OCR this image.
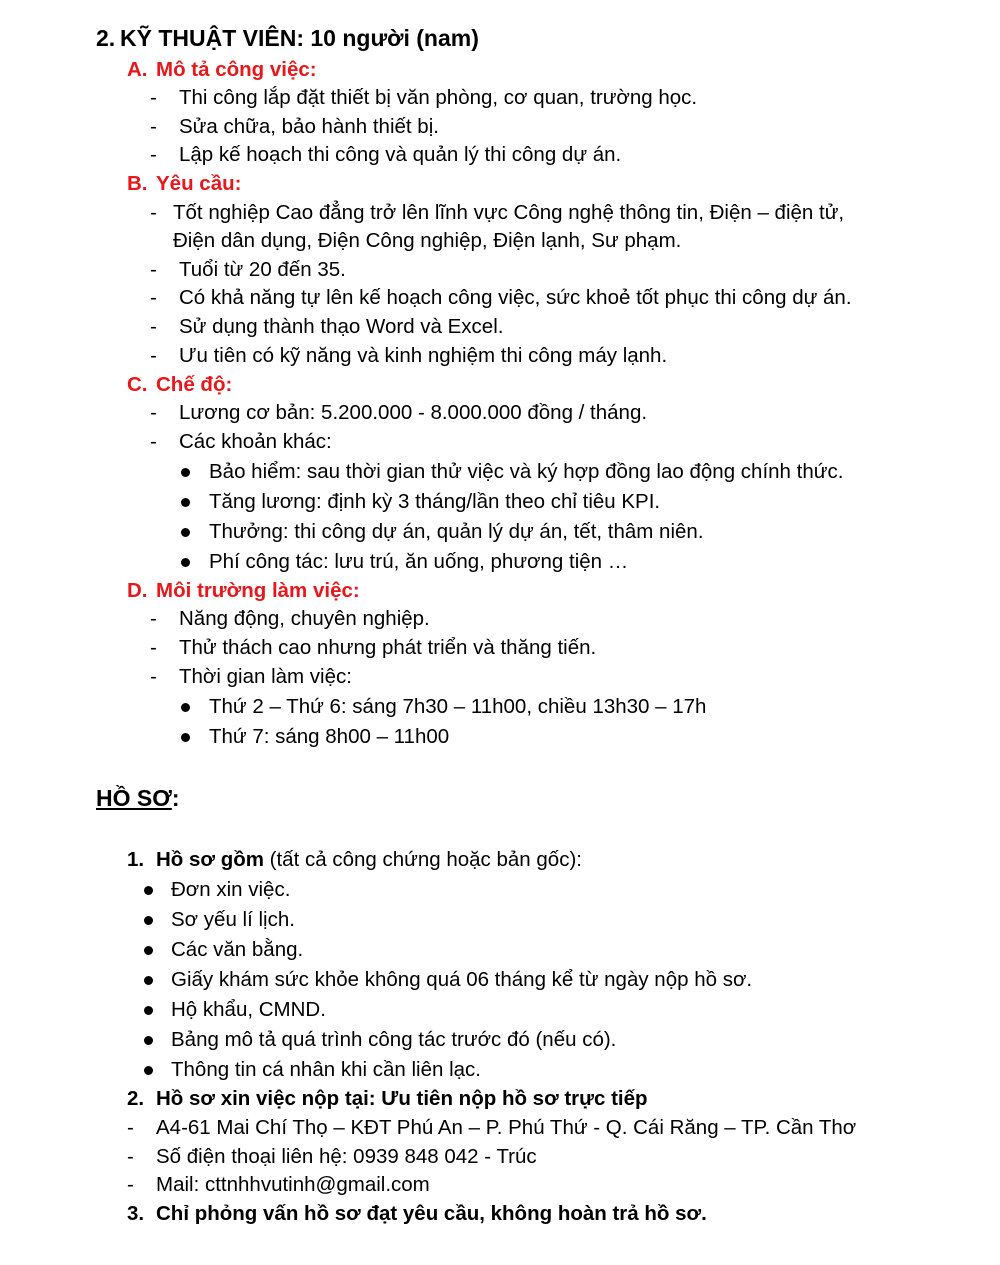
2. KỸ THUẬT VIÊN: 10 người (nam)
A. Mô tả công việc:
- Thi công lắp đặt thiết bị văn phòng, cơ quan, trường học.
- Sửa chữa, bảo hành thiết bị.
- Lập kế hoạch thi công và quản lý thi công dự án.
B. Yêu cầu:
- Tốt nghiệp Cao đẳng trở lên lĩnh vực Công nghệ thông tin, Điện – điện tử,
Điện dân dụng, Điện Công nghiệp, Điện lạnh, Sư phạm.
- Tuổi từ 20 đến 35.
- Có khả năng tự lên kế hoạch công việc, sức khoẻ tốt phục thi công dự án.
- Sử dụng thành thạo Word và Excel.
- Ưu tiên có kỹ năng và kinh nghiệm thi công máy lạnh.
C. Chế độ:
- Lương cơ bản: 5.200.000 - 8.000.000 đồng / tháng.
- Các khoản khác:
Bảo hiểm: sau thời gian thử việc và ký hợp đồng lao động chính thức.
Tăng lương: định kỳ 3 tháng/lần theo chỉ tiêu KPI.
Thưởng: thi công dự án, quản lý dự án, tết, thâm niên.
Phí công tác: lưu trú, ăn uống, phương tiện …
D. Môi trường làm việc:
- Năng động, chuyên nghiệp.
- Thử thách cao nhưng phát triển và thăng tiến.
- Thời gian làm việc:
Thứ 2 – Thứ 6: sáng 7h30 – 11h00, chiều 13h30 – 17h
Thứ 7: sáng 8h00 – 11h00
HỒ SƠ:
1. Hồ sơ gồm (tất cả công chứng hoặc bản gốc):
Đơn xin việc.
Sơ yếu lí lịch.
Các văn bằng.
Giấy khám sức khỏe không quá 06 tháng kể từ ngày nộp hồ sơ.
Hộ khẩu, CMND.
Bảng mô tả quá trình công tác trước đó (nếu có).
Thông tin cá nhân khi cần liên lạc.
2. Hồ sơ xin việc nộp tại: Ưu tiên nộp hồ sơ trực tiếp
- A4-61 Mai Chí Thọ – KĐT Phú An – P. Phú Thứ - Q. Cái Răng – TP. Cần Thơ
- Số điện thoại liên hệ: 0939 848 042 - Trúc
- Mail: cttnhhvutinh@gmail.com
3. Chỉ phỏng vấn hồ sơ đạt yêu cầu, không hoàn trả hồ sơ.
